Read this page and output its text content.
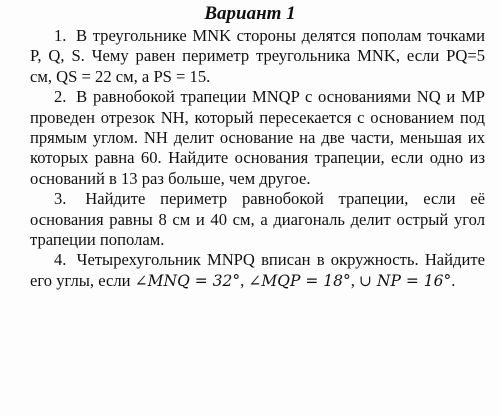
Вариант 1

1. В треугольнике MNK стороны делятся пополам точками P, Q, S. Чему равен периметр треугольника MNK, если PQ=5 см, QS = 22 см, а PS = 15.

2. В равнобокой трапеции MNQP с основаниями NQ и MP проведен отрезок NH, который пересекается с основанием под прямым углом. NH делит основание на две части, меньшая их которых равна 60. Найдите основания трапеции, если одно из оснований в 13 раз больше, чем другое.

3. Найдите периметр равнобокой трапеции, если её основания равны 8 см и 40 см, а диагональ делит острый угол трапеции пополам.

4. Четырехугольник MNPQ вписан в окружность. Найдите его углы, если ∠MNQ = 32°, ∠MQP = 18°, ∪ NP = 16°.
